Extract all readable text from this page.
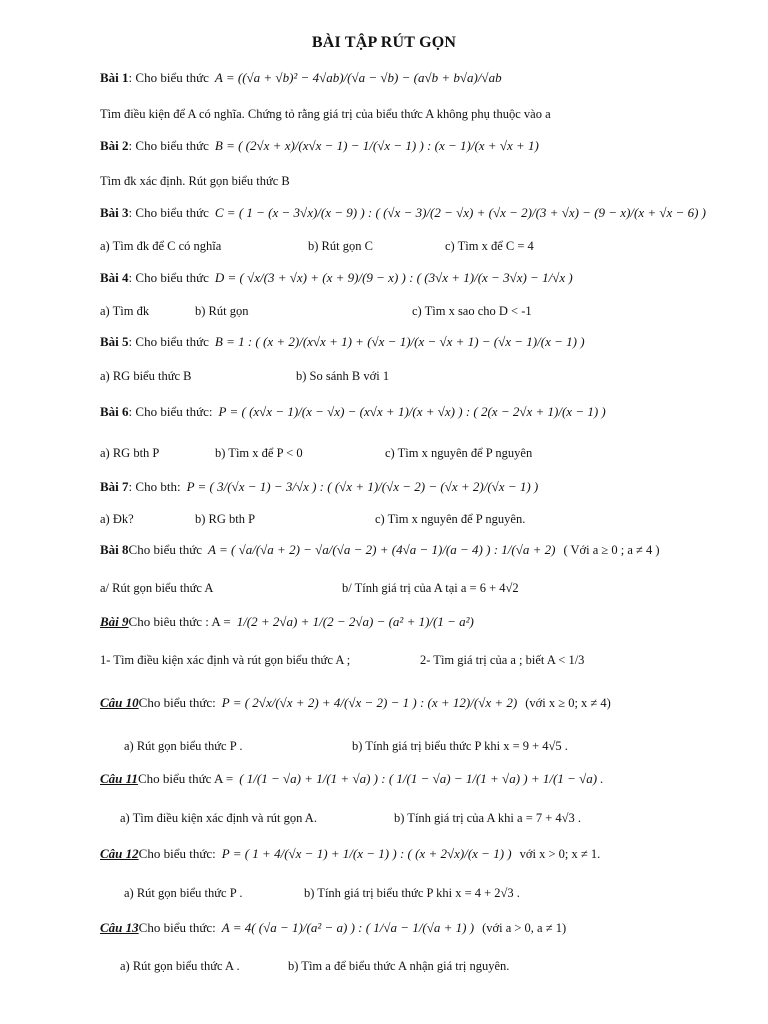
BÀI TẬP RÚT GỌN
Bài 1: Cho biểu thức A = ((√a + √b)² − 4√ab)/(√a − √b) − (a√b + b√a)/√ab
Tìm điều kiện để A có nghĩa. Chứng tỏ rằng giá trị của biểu thức A không phụ thuộc vào a
Bài 2: Cho biểu thức B = ( (2√x + x)/(x√x − 1) − 1/(√x − 1) ) : (x − 1)/(x + √x + 1)
Tìm đk xác định. Rút gọn biểu thức B
Bài 3: Cho biểu thức C = ( 1 − (x − 3√x)/(x − 9) ) : ( (√x − 3)/(2 − √x) + (√x − 2)/(3 + √x) − (9 − x)/(x + √x − 6) )
a) Tìm đk để C có nghĩa	b) Rút gọn C	c) Tìm x để C = 4
Bài 4: Cho biểu thức D = ( √x/(3 + √x) + (x + 9)/(9 − x) ) : ( (3√x + 1)/(x − 3√x) − 1/√x )
a) Tìm đk	b) Rút gọn	c) Tìm x sao cho D < -1
Bài 5: Cho biểu thức B = 1 : ( (x + 2)/(x√x + 1) + (√x − 1)/(x − √x + 1) − (√x − 1)/(x − 1) )
a) RG biểu thức B	b) So sánh B với 1
Bài 6: Cho biểu thức: P = ( (x√x − 1)/(x − √x) − (x√x + 1)/(x + √x) ) : ( 2(x − 2√x + 1)/(x − 1) )
a) RG bth P	b) Tìm x để P < 0	c) Tìm x nguyên để P nguyên
Bài 7: Cho bth: P = ( 3/(√x − 1) − 3/√x ) : ( (√x + 1)/(√x − 2) − (√x + 2)/(√x − 1) )
a) Đk?	b) RG bth P	c) Tìm x nguyên để P nguyên.
Bài 8Cho biểu thức A = ( √a/(√a + 2) − √a/(√a − 2) + (4√a − 1)/(a − 4) ) : 1/(√a + 2) ( Với a ≥ 0 ; a ≠ 4 )
a/ Rút gọn biểu thức A	b/ Tính giá trị của A tại a = 6 + 4√2
Bài 9Cho biêu thức : A = 1/(2 + 2√a) + 1/(2 − 2√a) − (a² + 1)/(1 − a²)
1- Tìm điều kiện xác định và rút gọn biểu thức A ;	2- Tìm giá trị của a ; biết A < 1/3
Câu 10Cho biểu thức: P = ( 2√x/(√x + 2) + 4/(√x − 2) − 1 ) : (x + 12)/(√x + 2) (với x ≥ 0; x ≠ 4)
a) Rút gọn biểu thức P .	b) Tính giá trị biểu thức P khi x = 9 + 4√5 .
Câu 11Cho biểu thức A = ( 1/(1 − √a) + 1/(1 + √a) ) : ( 1/(1 − √a) − 1/(1 + √a) ) + 1/(1 − √a) .
a) Tìm điều kiện xác định và rút gọn A.	b) Tính giá trị của A khi a = 7 + 4√3 .
Câu 12Cho biểu thức: P = ( 1 + 4/(√x − 1) + 1/(x − 1) ) : ( (x + 2√x)/(x − 1) ) với x > 0; x ≠ 1.
a) Rút gọn biểu thức P .	b) Tính giá trị biểu thức P khi x = 4 + 2√3 .
Câu 13Cho biểu thức: A = 4( (√a − 1)/(a² − a) ) : ( 1/√a − 1/(√a + 1) ) (với a > 0, a ≠ 1)
a) Rút gọn biểu thức A .	b) Tìm a để biểu thức A nhận giá trị nguyên.
